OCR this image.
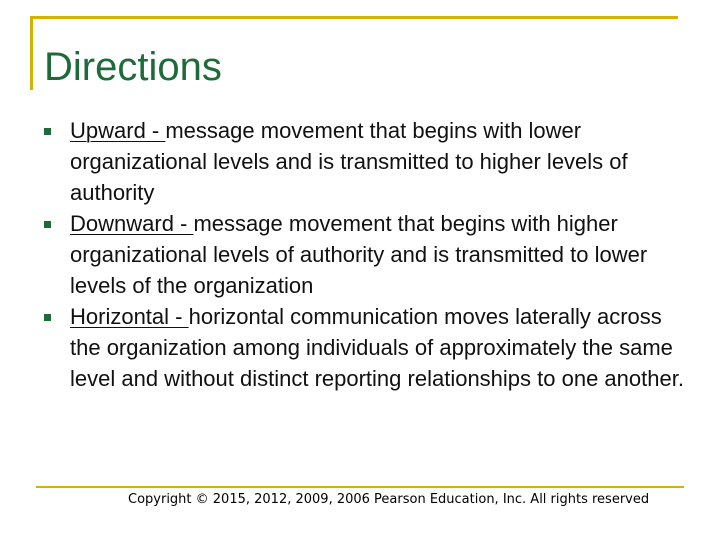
Directions
Upward - message movement that begins with lower organizational levels and is transmitted to higher levels of authority
Downward - message movement that begins with higher organizational levels of authority and is transmitted to lower levels of the organization
Horizontal - horizontal communication moves laterally across the organization among individuals of approximately the same level and without distinct reporting relationships to one another.
Copyright © 2015, 2012, 2009, 2006 Pearson Education, Inc. All rights reserved
